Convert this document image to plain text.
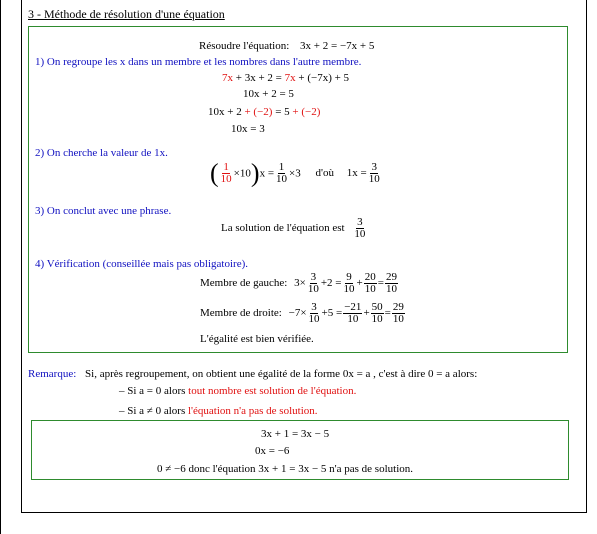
3 - Méthode de résolution d'une équation
Résoudre l'équation: 3x + 2 = −7x + 5
1) On regroupe les x dans un membre et les nombres dans l'autre membre.
7x + 3x + 2 = 7x + (−7x) + 5
10x + 2 = 5
10x + 2 + (−2) = 5 + (−2)
10x = 3
2) On cherche la valeur de 1x.
( $\frac{1}{10} \times 10)x = \frac{1}{10} \times 3$ d'où $1x = \frac{3}{10}$
3) On conclut avec une phrase.
La solution de l'équation est $\frac{3}{10}$
4) Vérification (conseillée mais pas obligatoire).
Membre de gauche: $3\times \frac{3}{10} +2 = \frac{9}{10} + \frac{20}{10} = \frac{29}{10}$
Membre de droite: $-7\times \frac{3}{10} +5 = \frac{-21}{10} + \frac{50}{10} = \frac{29}{10}$
L'égalité est bien vérifiée.
Remarque: Si, après regroupement, on obtient une égalité de la forme 0x = a , c'est à dire 0 = a alors:
– Si a = 0 alors tout nombre est solution de l'équation.
– Si a ≠ 0 alors l'équation n'a pas de solution.
3x + 1 = 3x − 5
0x = −6
0 ≠ −6 donc l'équation 3x + 1 = 3x − 5 n'a pas de solution.
